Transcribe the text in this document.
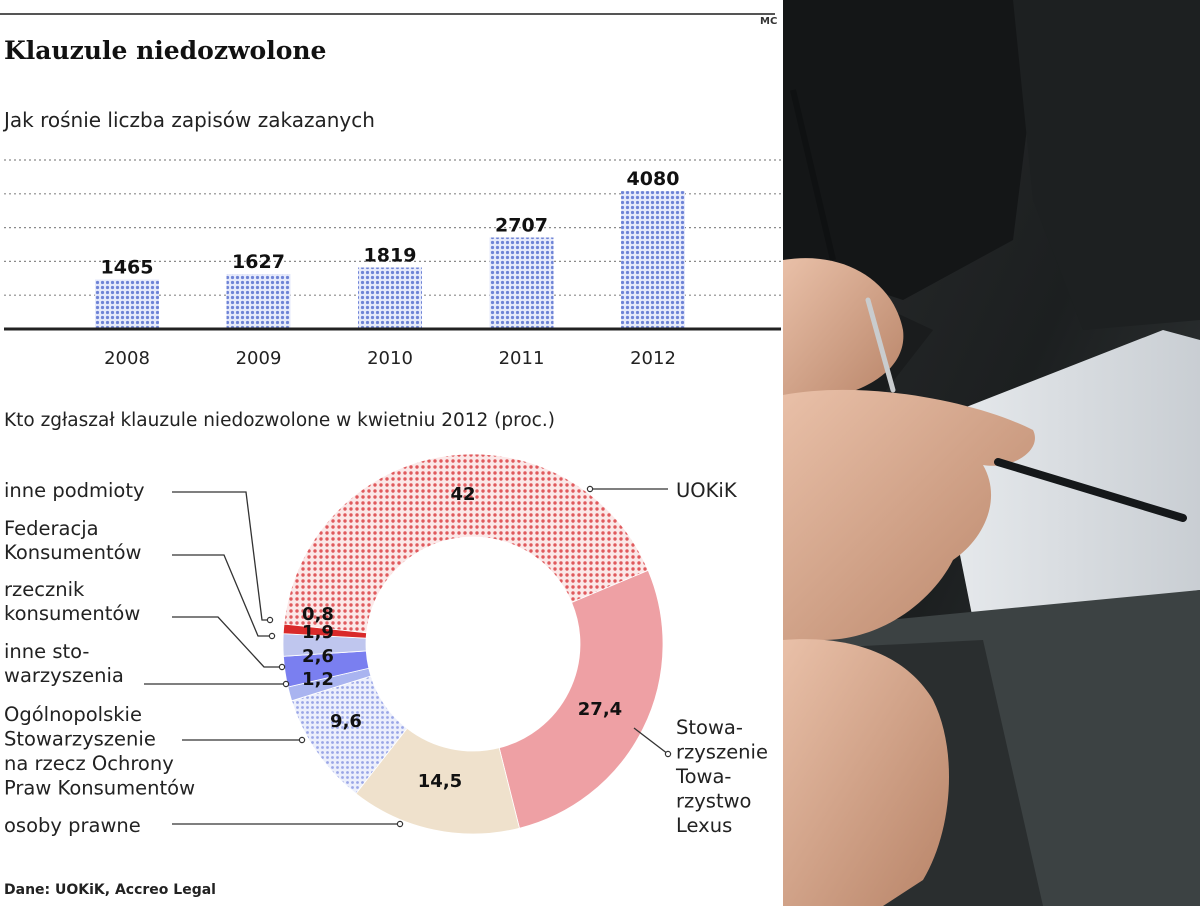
MC
Klauzule niedozwolone
Jak rośnie liczba zapisów zakazanych
1465
2008
1627
2009
1819
2010
2707
2011
4080
2012
Kto zgłaszał klauzule niedozwolone w kwietniu 2012 (proc.)
42
27,4
14,5
9,6
1,2
2,6
1,9
0,8
UOKiK
Stowa-
rzyszenie
Towa-
rzystwo
Lexus
osoby prawne
Ogólnopolskie
Stowarzyszenie
na rzecz Ochrony
Praw Konsumentów
inne sto-
warzyszenia
rzecznik
konsumentów
Federacja
Konsumentów
inne podmioty
Dane: UOKiK, Accreo Legal
